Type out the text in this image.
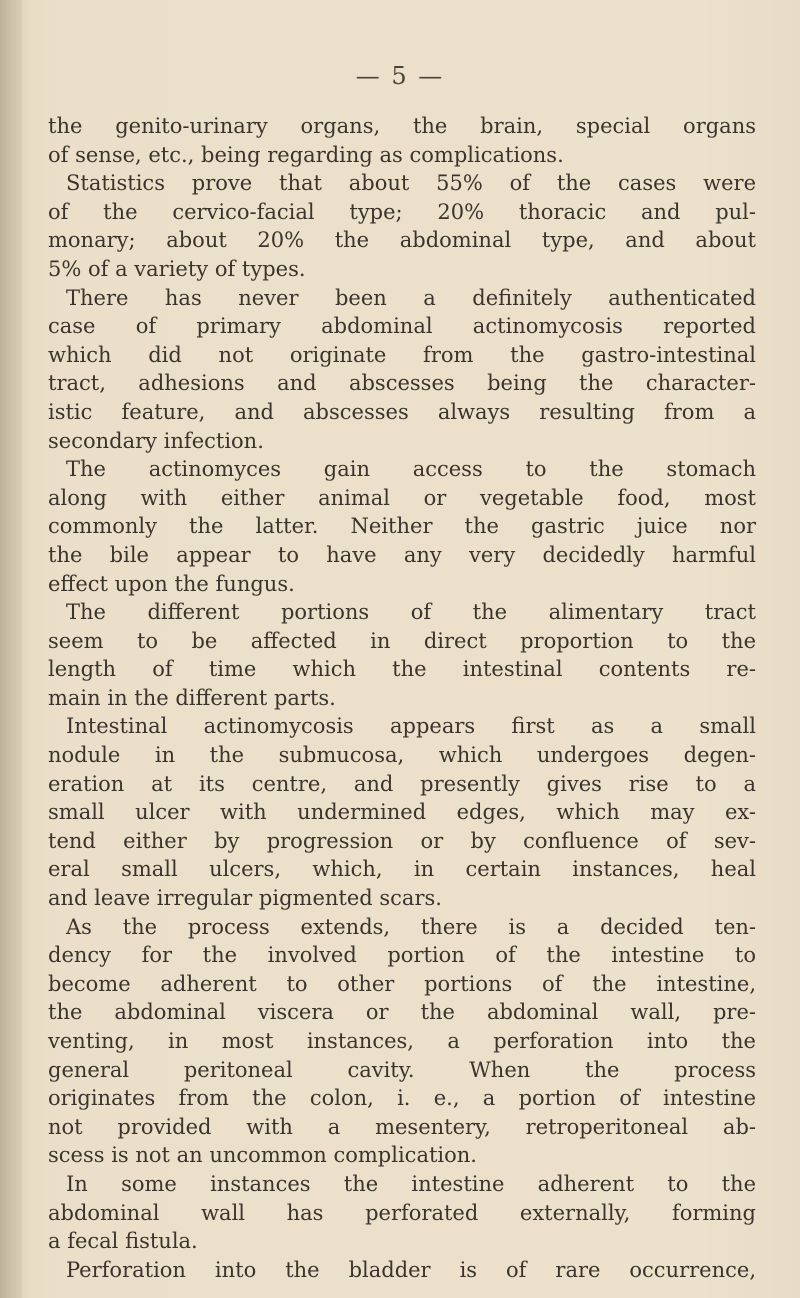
— 5 —
the genito-urinary organs, the brain, special organs
of sense, etc., being regarding as complications.
Statistics prove that about 55% of the cases were
of the cervico-facial type; 20% thoracic and pul-
monary; about 20% the abdominal type, and about
5% of a variety of types.
There has never been a definitely authenticated
case of primary abdominal actinomycosis reported
which did not originate from the gastro-intestinal
tract, adhesions and abscesses being the character-
istic feature, and abscesses always resulting from a
secondary infection.
The actinomyces gain access to the stomach
along with either animal or vegetable food, most
commonly the latter. Neither the gastric juice nor
the bile appear to have any very decidedly harmful
effect upon the fungus.
The different portions of the alimentary tract
seem to be affected in direct proportion to the
length of time which the intestinal contents re-
main in the different parts.
Intestinal actinomycosis appears first as a small
nodule in the submucosa, which undergoes degen-
eration at its centre, and presently gives rise to a
small ulcer with undermined edges, which may ex-
tend either by progression or by confluence of sev-
eral small ulcers, which, in certain instances, heal
and leave irregular pigmented scars.
As the process extends, there is a decided ten-
dency for the involved portion of the intestine to
become adherent to other portions of the intestine,
the abdominal viscera or the abdominal wall, pre-
venting, in most instances, a perforation into the
general peritoneal cavity. When the process
originates from the colon, i. e., a portion of intestine
not provided with a mesentery, retroperitoneal ab-
scess is not an uncommon complication.
In some instances the intestine adherent to the
abdominal wall has perforated externally, forming
a fecal fistula.
Perforation into the bladder is of rare occurrence,
